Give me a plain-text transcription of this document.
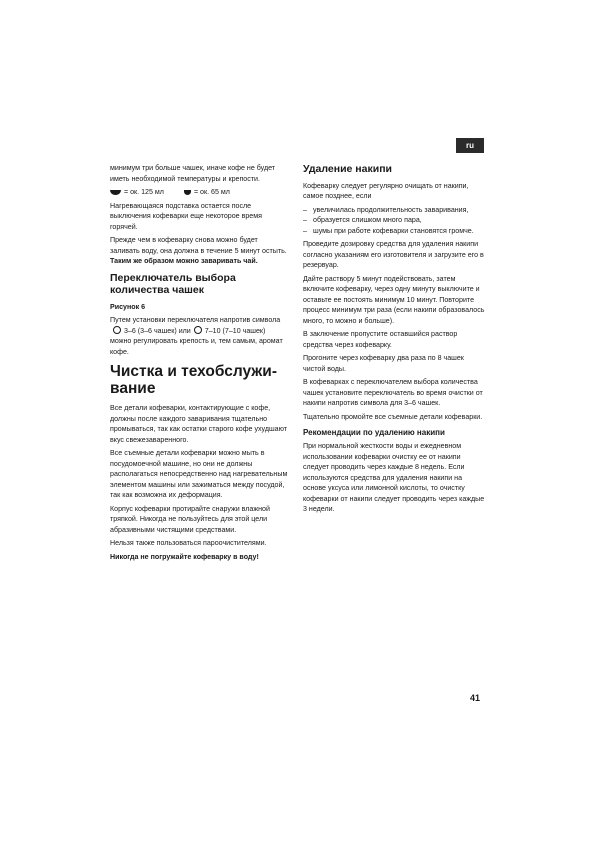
ru

минимум три больше чашек, иначе кофе не будет иметь необходимой температуры и крепости.

= ок. 125 мл	= ок. 65 мл

Нагревающаяся подставка остается после выключения кофеварки еще некоторое время горячей.

Прежде чем в кофеварку снова можно будет заливать воду, она должна в течение 5 минут остыть. Таким же образом можно заваривать чай.

Переключатель выбора количества чашек

Рисунок 6

Путем установки переключателя напротив символа3–6 (3–6 чашек) или 7–10 (7–10 чашек) можно регулировать крепость и, тем самым, аромат кофе.

Чистка и техобслуживание

Все детали кофеварки, контактирующие с кофе, должны после каждого заваривания тщательно промываться, так как остатки старого кофе ухудшают вкус свежезаваренного.

Все съемные детали кофеварки можно мыть в посудомоечной машине, но они не должны располагаться непосредственно над нагревательным элементом машины или зажиматься между посудой, так как возможна их деформация.

Корпус кофеварки протирайте снаружи влажной тряпкой. Никогда не пользуйтесь для этой цели абразивными чистящими средствами.

Нельзя также пользоваться пароочистителями.

Никогда не погружайте кофеварку в воду!

Удаление накипи

Кофеварку следует регулярно очищать от накипи, самое позднее, если

– увеличилась продолжительность заваривания,
– образуется слишком много пара,
– шумы при работе кофеварки становятся громче.

Проведите дозировку средства для удаления накипи согласно указаниям его изготовителя и загрузите его в резервуар.

Дайте раствору 5 минут подействовать, затем включите кофеварку, через одну минуту выключите и оставьте ее постоять минимум 10 минут. Повторите процесс минимум три раза (если накипи образовалось много, то можно и больше).

В заключение пропустите оставшийся раствор средства через кофеварку.

Прогоните через кофеварку два раза по 8 чашек чистой воды.

В кофеварках с переключателем выбора количества чашек установите переключатель во время очистки от накипи напротив символа для 3–6 чашек.

Тщательно промойте все съемные детали кофеварки.

Рекомендации по удалению накипи

При нормальной жесткости воды и ежедневном использовании кофеварки очистку ее от накипи следует проводить через каждые 8 недель. Если используются средства для удаления накипи на основе уксуса или лимонной кислоты, то очистку кофеварки от накипи следует проводить через каждые 3 недели.

41
